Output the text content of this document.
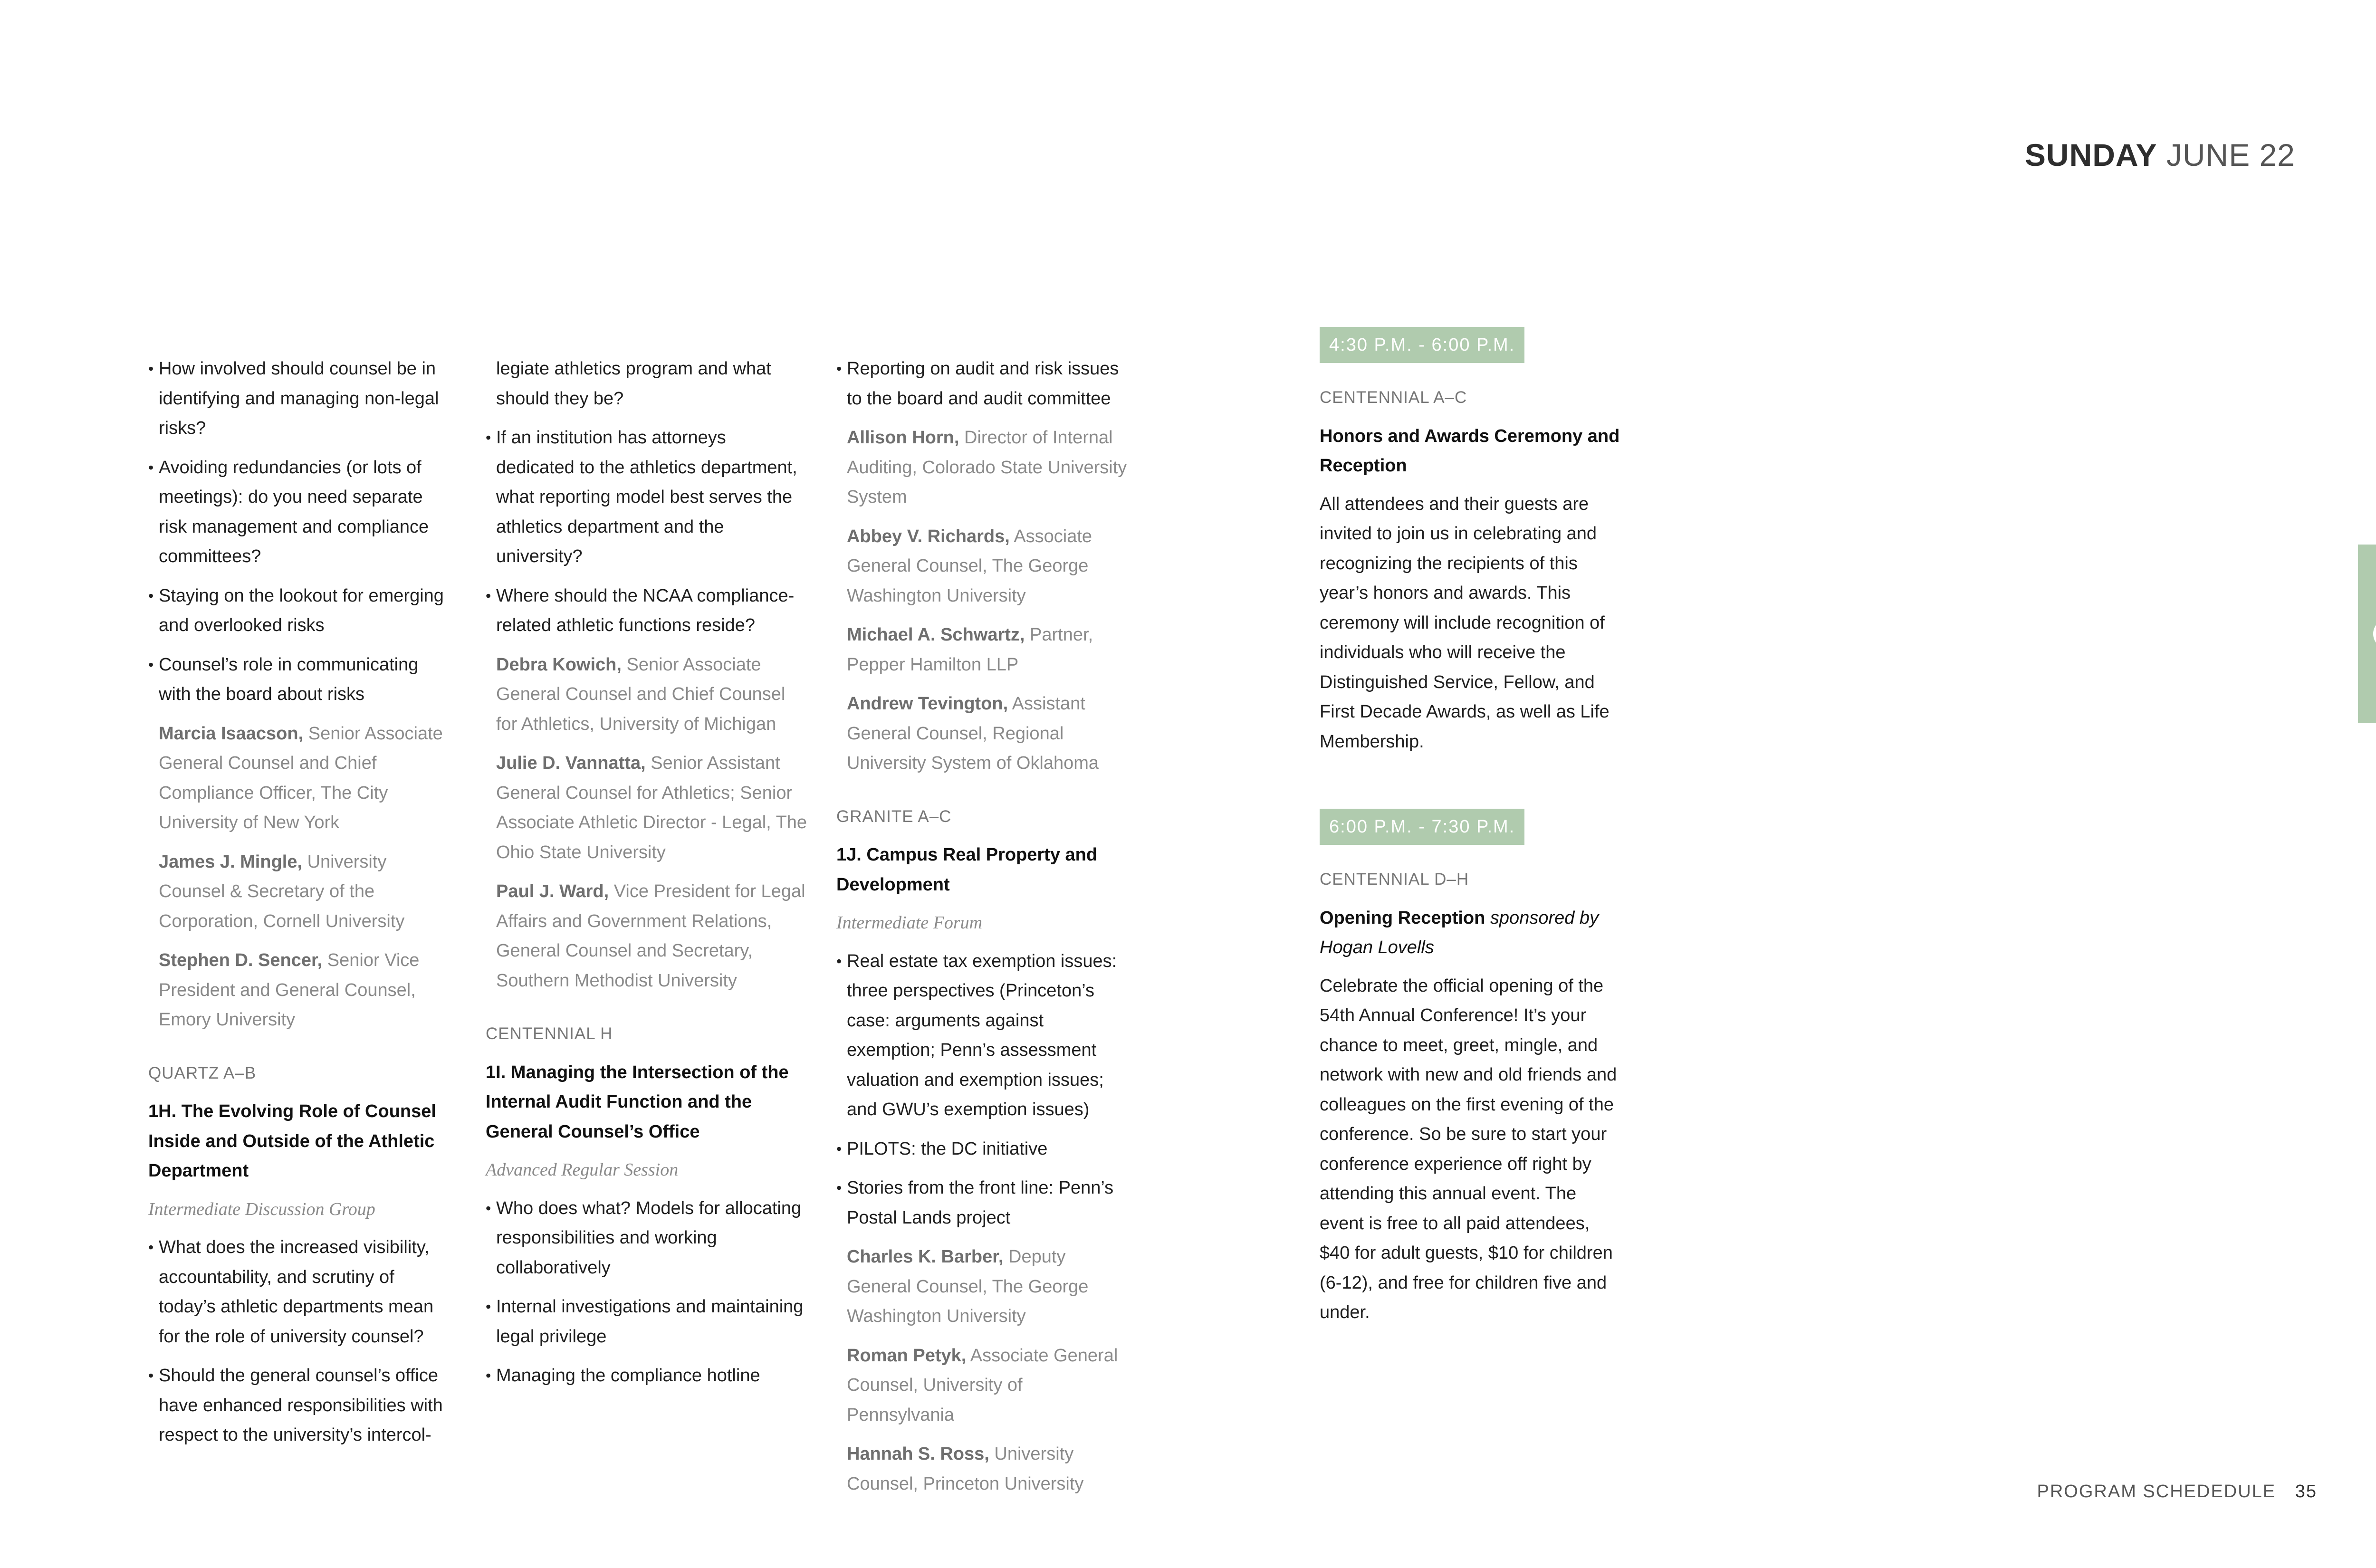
SUNDAY JUNE 22
• How involved should counsel be in identifying and managing non-legal risks?
• Avoiding redundancies (or lots of meetings): do you need separate risk management and compliance committees?
• Staying on the lookout for emerging and overlooked risks
• Counsel’s role in communicating with the board about risks
Marcia Isaacson, Senior Associate General Counsel and Chief Compliance Officer, The City University of New York
James J. Mingle, University Counsel & Secretary of the Corporation, Cornell University
Stephen D. Sencer, Senior Vice President and General Counsel, Emory University
QUARTZ A–B
1H. The Evolving Role of Counsel Inside and Outside of the Athletic Department
Intermediate Discussion Group
• What does the increased visibility, accountability, and scrutiny of today’s athletic departments mean for the role of university counsel?
• Should the general counsel’s office have enhanced responsibilities with respect to the university’s intercol-
legiate athletics program and what should they be?
• If an institution has attorneys dedicated to the athletics department, what reporting model best serves the athletics department and the university?
• Where should the NCAA compliance-related athletic functions reside?
Debra Kowich, Senior Associate General Counsel and Chief Counsel for Athletics, University of Michigan
Julie D. Vannatta, Senior Assistant General Counsel for Athletics; Senior Associate Athletic Director - Legal, The Ohio State University
Paul J. Ward, Vice President for Legal Affairs and Government Relations, General Counsel and Secretary, Southern Methodist University
CENTENNIAL H
1I. Managing the Intersection of the Internal Audit Function and the General Counsel’s Office
Advanced Regular Session
• Who does what? Models for allocating responsibilities and working collaboratively
• Internal investigations and maintaining legal privilege
• Managing the compliance hotline
• Reporting on audit and risk issues to the board and audit committee
Allison Horn, Director of Internal Auditing, Colorado State University System
Abbey V. Richards, Associate General Counsel, The George Washington University
Michael A. Schwartz, Partner, Pepper Hamilton LLP
Andrew Tevington, Assistant General Counsel, Regional University System of Oklahoma
GRANITE A–C
1J. Campus Real Property and Development
Intermediate Forum
• Real estate tax exemption issues: three perspectives (Princeton’s case: arguments against exemption; Penn’s assessment valuation and exemption issues; and GWU’s exemption issues)
• PILOTS: the DC initiative
• Stories from the front line: Penn’s Postal Lands project
Charles K. Barber, Deputy General Counsel, The George Washington University
Roman Petyk, Associate General Counsel, University of Pennsylvania
Hannah S. Ross, University Counsel, Princeton University
4:30 P.M. - 6:00 P.M.
CENTENNIAL A–C
Honors and Awards Ceremony and Reception
All attendees and their guests are invited to join us in celebrating and recognizing the recipients of this year’s honors and awards. This ceremony will include recognition of individuals who will receive the Distinguished Service, Fellow, and First Decade Awards, as well as Life Membership.
6:00 P.M. - 7:30 P.M.
CENTENNIAL D–H
Opening Reception sponsored by Hogan Lovells
Celebrate the official opening of the 54th Annual Conference! It’s your chance to meet, greet, mingle, and network with new and old friends and colleagues on the first evening of the conference. So be sure to start your conference experience off right by attending this annual event. The event is free to all paid attendees, $40 for adult guests, $10 for children (6-12), and free for children five and under.
PROGRAM SCHEDEDULE 35
